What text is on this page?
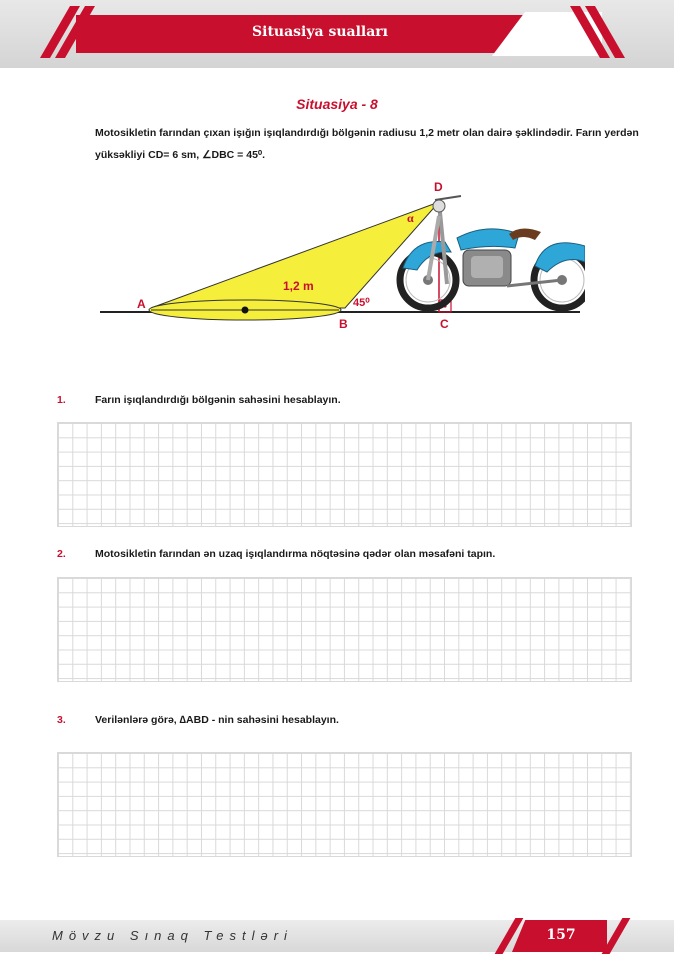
Situasiya sualları
Situasiya - 8
Motosikletin farından çıxan işığın işıqlandırdığı bölgənin radiusu 1,2 metr olan dairə şəklindədir. Farın yerdən
yüksəkliyi CD= 6 sm, ∠DBC = 45⁰.
D
α
A
B	C
1,2 m
45⁰
1.	Farın işıqlandırdığı bölgənin sahəsini hesablayın.
2.	Motosikletin farından ən uzaq işıqlandırma nöqtəsinə qədər olan məsafəni tapın.
3.	Verilənlərə görə, ∆ABD - nin sahəsini hesablayın.
Mövzu Sınaq Testləri	157
